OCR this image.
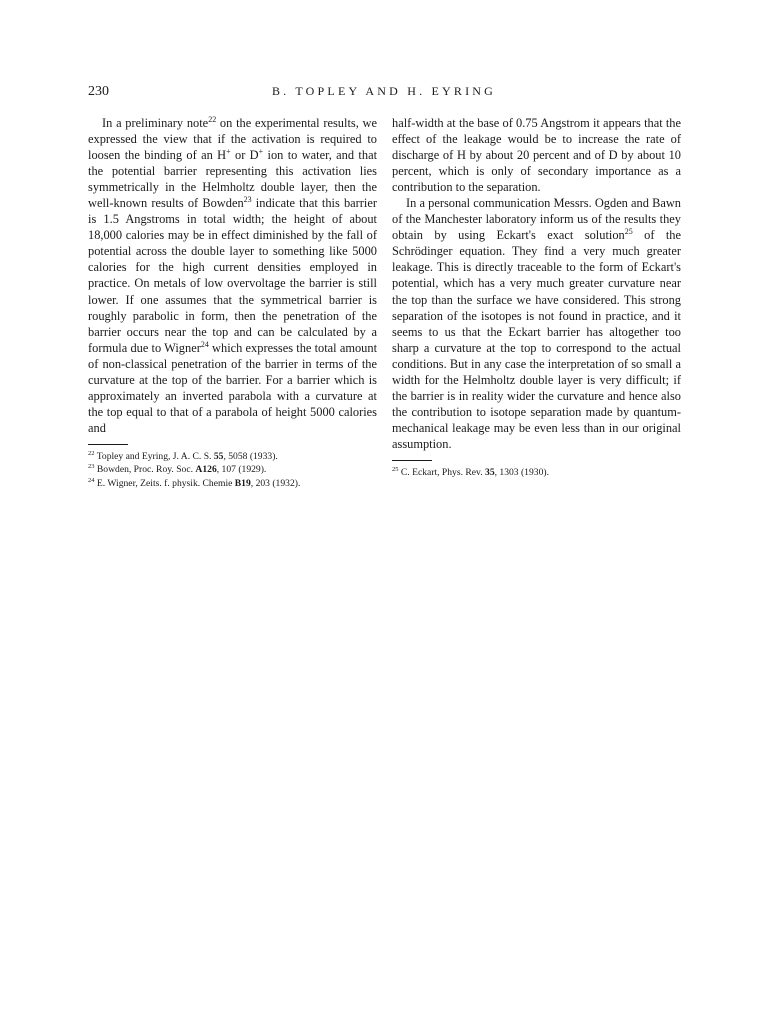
230	B. TOPLEY AND H. EYRING

In a preliminary note$^{22}$ on the experimental results, we expressed the view that if the activation is required to loosen the binding of an H+ or D+ ion to water, and that the potential barrier representing this activation lies symmetrically in the Helmholtz double layer, then the well-known results of Bowden$^{23}$ indicate that this barrier is 1.5 Angstroms in total width; the height of about 18,000 calories may be in effect diminished by the fall of potential across the double layer to something like 5000 calories for the high current densities employed in practice. On metals of low overvoltage the barrier is still lower. If one assumes that the symmetrical barrier is roughly parabolic in form, then the penetration of the barrier occurs near the top and can be calculated by a formula due to Wigner$^{24}$ which expresses the total amount of non-classical penetration of the barrier in terms of the curvature at the top of the barrier. For a barrier which is approximately an inverted parabola with a curvature at the top equal to that of a parabola of height 5000 calories and

$^{22}$ Topley and Eyring, J. A. C. S. 55, 5058 (1933).

$^{23}$ Bowden, Proc. Roy. Soc. A126, 107 (1929).

$^{24}$ E. Wigner, Zeits. f. physik. Chemie B19, 203 (1932).

half-width at the base of 0.75 Angstrom it appears that the effect of the leakage would be to increase the rate of discharge of H by about 20 percent and of D by about 10 percent, which is only of secondary importance as a contribution to the separation.

In a personal communication Messrs. Ogden and Bawn of the Manchester laboratory inform us of the results they obtain by using Eckart's exact solution$^{25}$ of the Schrödinger equation. They find a very much greater leakage. This is directly traceable to the form of Eckart's potential, which has a very much greater curvature near the top than the surface we have considered. This strong separation of the isotopes is not found in practice, and it seems to us that the Eckart barrier has altogether too sharp a curvature at the top to correspond to the actual conditions. But in any case the interpretation of so small a width for the Helmholtz double layer is very difficult; if the barrier is in reality wider the curvature and hence also the contribution to isotope separation made by quantum-mechanical leakage may be even less than in our original assumption.

$^{25}$ C. Eckart, Phys. Rev. 35, 1303 (1930).
